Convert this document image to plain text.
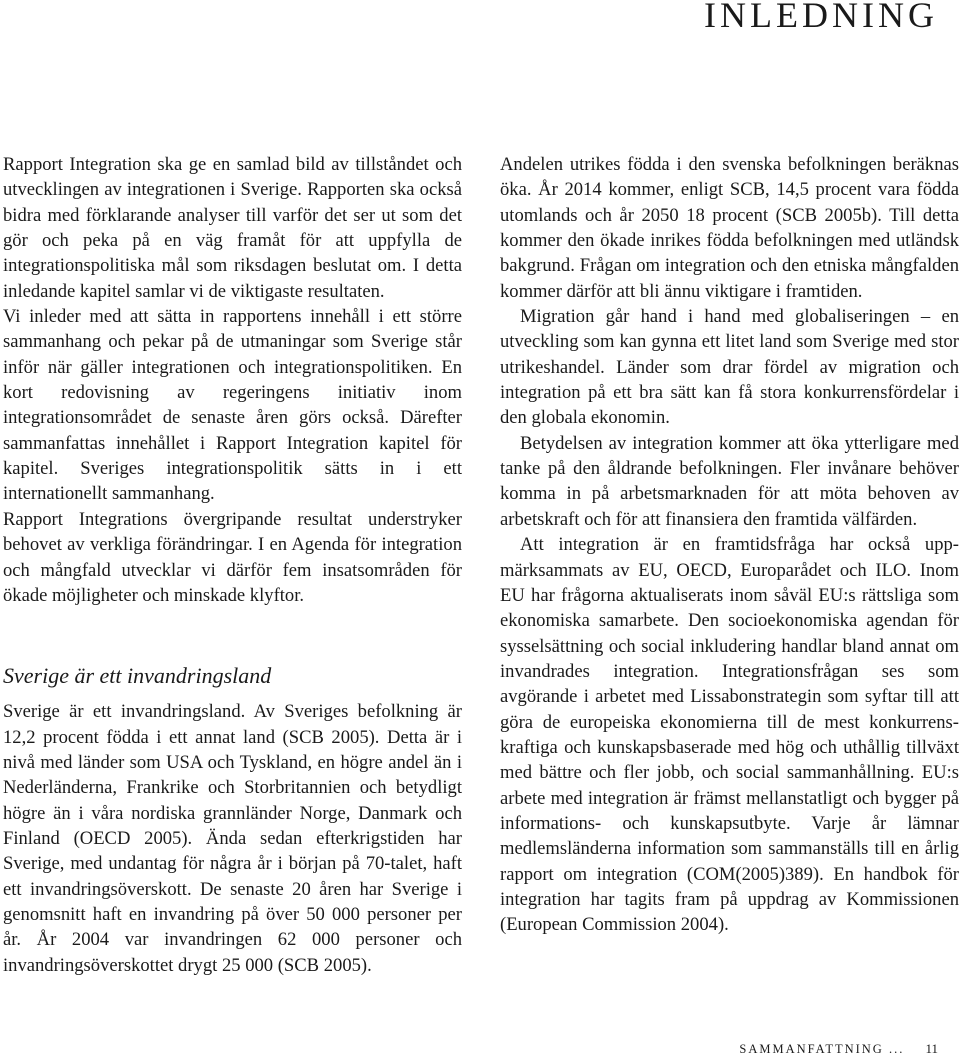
INLEDNING

Rapport Integration ska ge en samlad bild av tillståndet och utvecklingen av integrationen i Sverige. Rapporten ska också bidra med förklarande analyser till varför det ser ut som det gör och peka på en väg framåt för att uppfylla de integrationspolitiska mål som riksdagen beslutat om. I detta inledande kapitel samlar vi de viktigaste resultaten.

Vi inleder med att sätta in rapportens innehåll i ett större sammanhang och pekar på de utmaningar som Sverige står inför när gäller integrationen och integrationspolitiken. En kort redovisning av regeringens initiativ inom integrationsområdet de senaste åren görs också. Därefter sammanfattas innehållet i Rapport Integration kapitel för kapitel. Sveriges integrationspolitik sätts in i ett internationellt sammanhang.

Rapport Integrations övergripande resultat understryker behovet av verkliga förändringar. I en Agenda för integration och mångfald utvecklar vi därför fem insatsområden för ökade möjligheter och minskade klyftor.

Sverige är ett invandringsland

Sverige är ett invandringsland. Av Sveriges befolkning är 12,2 procent födda i ett annat land (SCB 2005). Detta är i nivå med länder som USA och Tyskland, en högre andel än i Nederländerna, Frankrike och Storbritannien och betydligt högre än i våra nordiska grannländer Norge, Danmark och Finland (OECD 2005). Ända sedan efterkrigstiden har Sverige, med undantag för några år i början på 70-talet, haft ett invandringsöverskott. De senaste 20 åren har Sverige i genomsnitt haft en invandring på över 50 000 personer per år. År 2004 var invandringen 62 000 personer och invandringsöverskottet drygt 25 000 (SCB 2005).

Andelen utrikes födda i den svenska befolkningen beräknas öka. År 2014 kommer, enligt SCB, 14,5 procent vara födda utomlands och år 2050 18 procent (SCB 2005b). Till detta kommer den ökade inrikes födda befolkningen med utländsk bakgrund. Frågan om integration och den etniska mångfalden kommer därför att bli ännu viktigare i framtiden.

Migration går hand i hand med globaliseringen – en utveckling som kan gynna ett litet land som Sverige med stor utrikeshandel. Länder som drar fördel av migration och integration på ett bra sätt kan få stora konkurrensfördelar i den globala ekonomin.

Betydelsen av integration kommer att öka ytterligare med tanke på den åldrande befolkningen. Fler invånare behöver komma in på arbetsmarknaden för att möta behoven av arbetskraft och för att finansiera den framtida välfärden.

Att integration är en framtidsfråga har också uppmärksammats av EU, OECD, Europarådet och ILO. Inom EU har frågorna aktualiserats inom såväl EU:s rättsliga som ekonomiska samarbete. Den socioekonomiska agendan för sysselsättning och social inkludering handlar bland annat om invandrades integration. Integrationsfrågan ses som avgörande i arbetet med Lissabonstrategin som syftar till att göra de europeiska ekonomierna till de mest konkurrenskraftiga och kunskapsbaserade med hög och uthållig tillväxt med bättre och fler jobb, och social sammanhållning. EU:s arbete med integration är främst mellanstatligt och bygger på informations- och kunskapsutbyte. Varje år lämnar medlemsländerna information som sammanställs till en årlig rapport om integration (COM(2005)389). En handbok för integration har tagits fram på uppdrag av Kommissionen (European Commission 2004).

SAMMANFATTNING ... 11
